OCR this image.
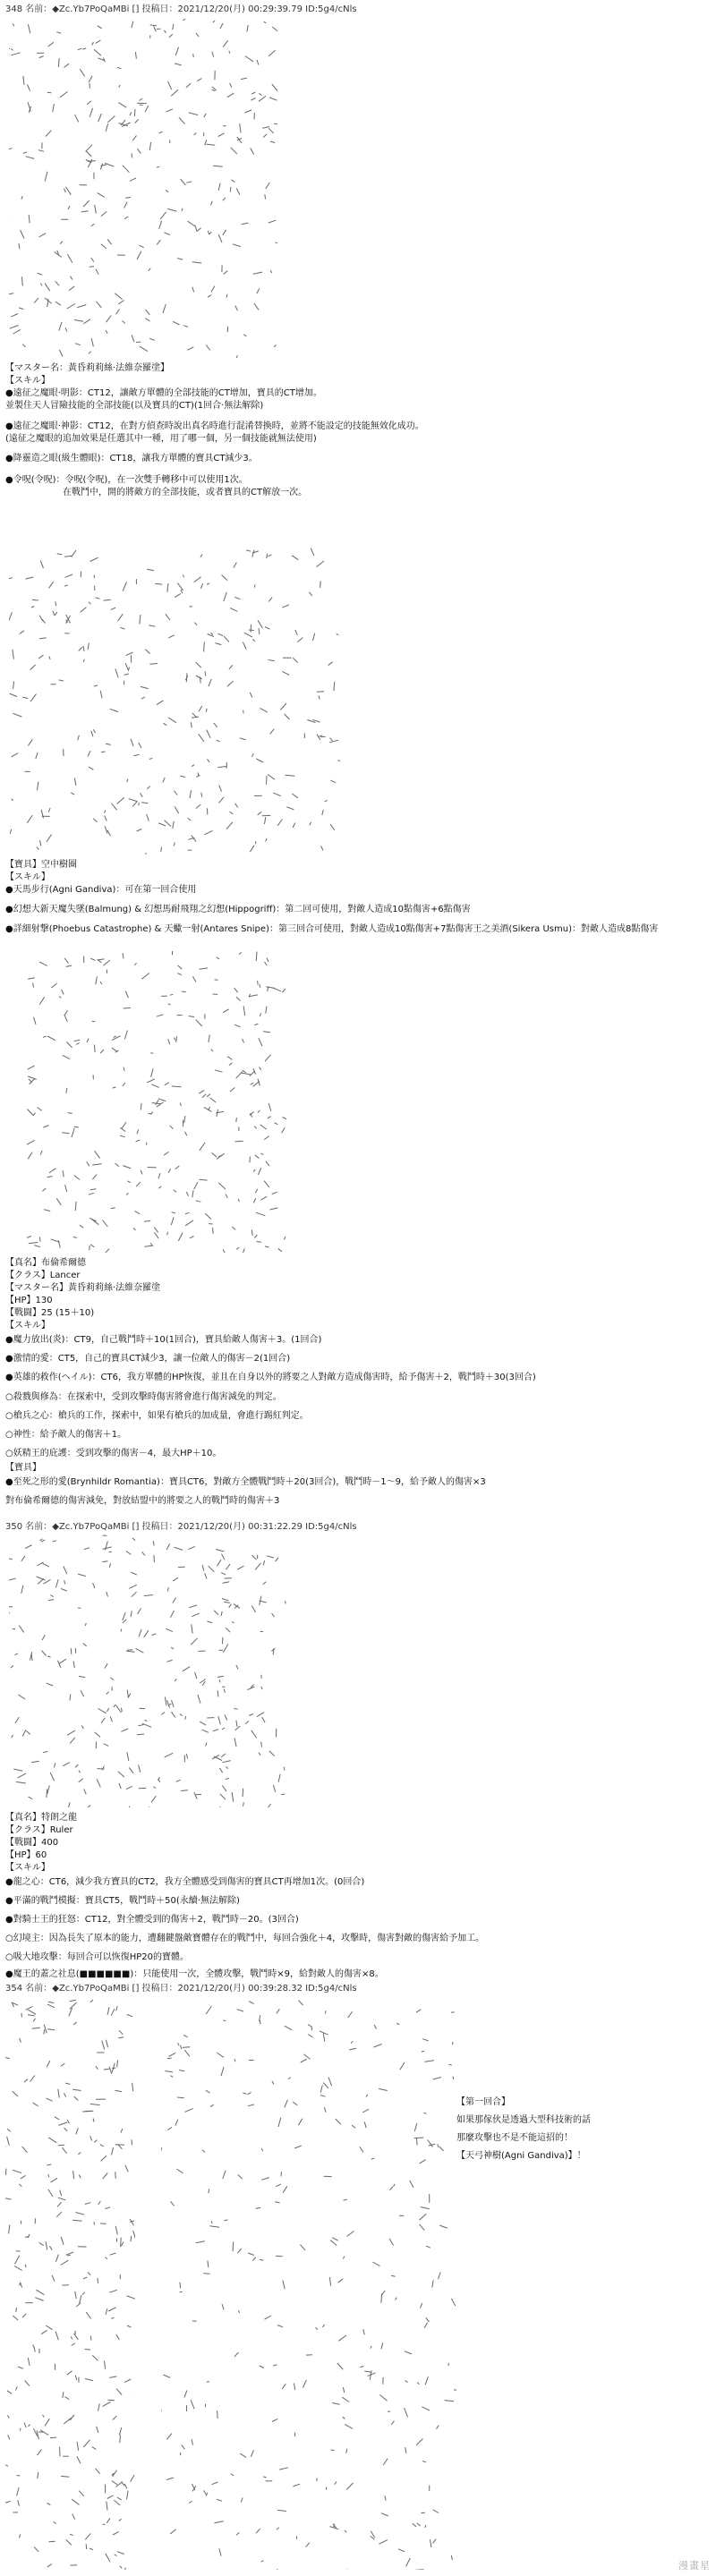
348 名前：◆Zc.Yb7PoQaMBi [] 投稿日：2021/12/20(月) 00:29:39.79 ID:5g4/cNls
【マスター名：黃昏莉莉絲·法維奈羅塗】
【スキル】
●遠征之魔眼·明影：CT12，讓敵方單體的全部技能的CT增加，寶具的CT增加。
並製住天人冒險技能的全部技能(以及寶具的CT)(1回合·無法解除)
●遠征之魔眼·神影：CT12，在對方偵查時說出真名時進行混淆替換時，並將不能設定的技能無效化成功。
(遠征之魔眼的追加效果是任選其中一種，用了哪一個，另一個技能就無法使用)
●降靈造之眼(級生體眼)：CT18，讓我方單體的寶具CT減少3。
●令呪(令呪)：令呪(令呪)，在一次雙手轉移中可以使用1次。
在戰鬥中，開的將敵方的全部技能，或者寶具的CT解放一次。
【寶具】空中樹圈
【スキル】
●天馬步行(Agni Gandiva)：可在第一回合使用
●幻想大新天魔失墜(Balmung) & 幻想馬耐飛翔之幻想(Hippogriff)：第二回可使用，對敵人造成10點傷害+6點傷害
●詳細射撃(Phoebus Catastrophe) & 天蠍一射(Antares Snipe)：第三回合可使用，對敵人造成10點傷害+7點傷害王之美酒(Sikera Usmu)：對敵人造成8點傷害
【真名】布倫希爾德
【クラス】Lancer
【マスター名】黃昏莉莉絲·法維奈羅塗
【HP】130
【戰闘】25 (15＋10)
【スキル】
●魔力放出(炎)：CT9，自己戰鬥時＋10(1回合)，寶具給敵人傷害＋3。(1回合)
●激情的愛：CT5，自己的寶具CT減少3，讓一位敵人的傷害－2(1回合)
●英雄的救作(ヘイル)：CT6，我方單體的HP恢復，並且在自身以外的將要之人對敵方造成傷害時，給予傷害＋2，戰鬥時＋30(3回合)
○殺戮與修為：在探索中，受到攻擊時傷害將會進行傷害減免的判定。
○槍兵之心：槍兵的工作，探索中，如果有槍兵的加成量，會進行踢紅判定。
○神性：給予敵人的傷害＋1。
○妖精王的庇護：受到攻擊的傷害－4，最大HP＋10。
【寶具】
●至死之形的愛(Brynhildr Romantia)：寶具CT6，對敵方全體戰鬥時＋20(3回合)，戰鬥時－1～9，給予敵人的傷害×3
對布倫希爾德的傷害減免，對放結盟中的將要之人的戰鬥時的傷害＋3
350 名前：◆Zc.Yb7PoQaMBi [] 投稿日：2021/12/20(月) 00:31:22.29 ID:5g4/cNls
【真名】特朗之龍
【クラス】Ruler
【戰闘】400
【HP】60
【スキル】
●龍之心：CT6，減少我方寶具的CT2，我方全體感受到傷害的寶具CT再增加1次。(0回合)
●平滿的戰鬥模擬：寶具CT5，戰鬥時＋50(永續·無法解除)
●對騎士王的狂怒：CT12，對全體受到的傷害＋2，戰鬥時－20。(3回合)
○幻境主：因為長失了原本的能力，遭翻鍵盤敵寶體存在的戰鬥中，每回合強化＋4，攻擊時，傷害對敵的傷害給予加工。
○吸大地攻擊：每回合可以恢復HP20的寶體。
●魔王的蓋之社息(■■■■■■)：只能使用一次，全體攻擊，戰鬥時×9，給對敵人的傷害×8。
354 名前：◆Zc.Yb7PoQaMBi [] 投稿日：2021/12/20(月) 00:39:28.32 ID:5g4/cNls
【第一回合】
如果那傢伙是透過大型科技術的話
那麼攻擊也不是不能這招的！
【天弓神樹(Agni Gandiva)】！
漫畫星
